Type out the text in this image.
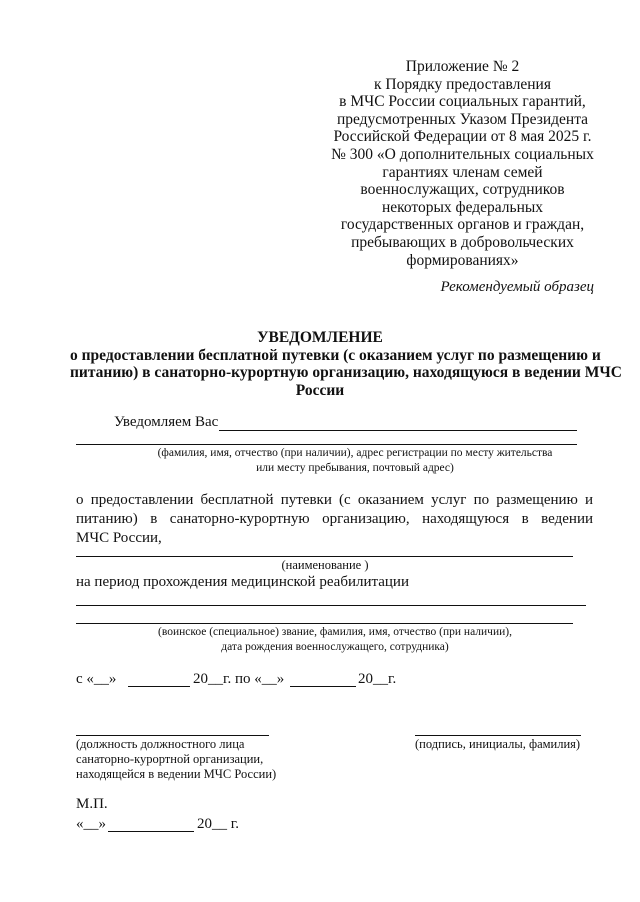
Приложение № 2
к Порядку предоставления
в МЧС России социальных гарантий,
предусмотренных Указом Президента
Российской Федерации от 8 мая 2025 г.
№ 300 «О дополнительных социальных
гарантиях членам семей
военнослужащих, сотрудников
некоторых федеральных
государственных органов и граждан,
пребывающих в добровольческих
формированиях»
Рекомендуемый образец
УВЕДОМЛЕНИЕ
о предоставлении бесплатной путевки (с оказанием услуг по размещению и
питанию) в санаторно-курортную организацию, находящуюся в ведении МЧС
России
Уведомляем Вас
(фамилия, имя, отчество (при наличии), адрес регистрации по месту жительства
или месту пребывания, почтовый адрес)
о предоставлении бесплатной путевки (с оказанием услуг по размещению и
питанию) в санаторно-курортную организацию, находящуюся в ведении
МЧС России,
(наименование )
на период прохождения медицинской реабилитации
(воинское (специальное) звание, фамилия, имя, отчество (при наличии),
дата рождения военнослужащего, сотрудника)
с «__»	20__г. по «__»	20__г.
(должность должностного лица
санаторно-курортной организации,
находящейся в ведении МЧС России)
(подпись, инициалы, фамилия)
М.П.
«__»	20__ г.
